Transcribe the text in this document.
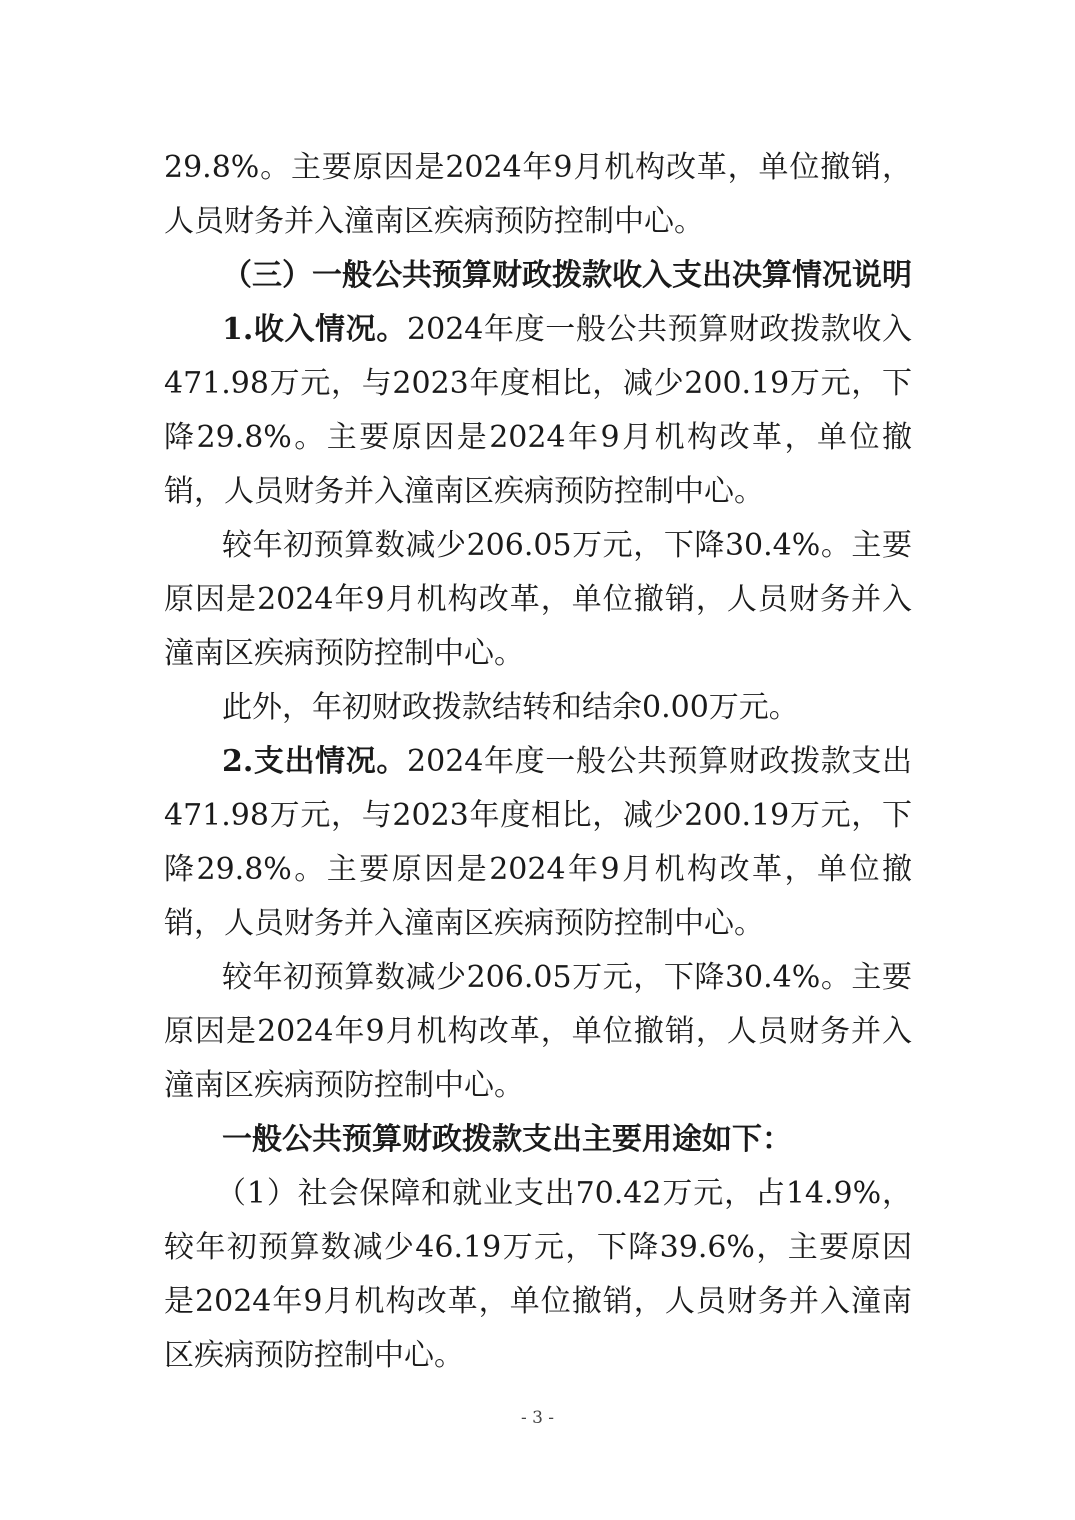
29.8%。主要原因是2024年9月机构改革，单位撤销，人员财务并入潼南区疾病预防控制中心。

（三）一般公共预算财政拨款收入支出决算情况说明

1.收入情况。2024年度一般公共预算财政拨款收入471.98万元，与2023年度相比，减少200.19万元，下降29.8%。主要原因是2024年9月机构改革，单位撤销，人员财务并入潼南区疾病预防控制中心。

较年初预算数减少206.05万元，下降30.4%。主要原因是2024年9月机构改革，单位撤销，人员财务并入潼南区疾病预防控制中心。

此外，年初财政拨款结转和结余0.00万元。

2.支出情况。2024年度一般公共预算财政拨款支出471.98万元，与2023年度相比，减少200.19万元，下降29.8%。主要原因是2024年9月机构改革，单位撤销，人员财务并入潼南区疾病预防控制中心。

较年初预算数减少206.05万元，下降30.4%。主要原因是2024年9月机构改革，单位撤销，人员财务并入潼南区疾病预防控制中心。

一般公共预算财政拨款支出主要用途如下：

（1）社会保障和就业支出70.42万元，占14.9%，较年初预算数减少46.19万元，下降39.6%，主要原因是2024年9月机构改革，单位撤销，人员财务并入潼南区疾病预防控制中心。

- 3 -
